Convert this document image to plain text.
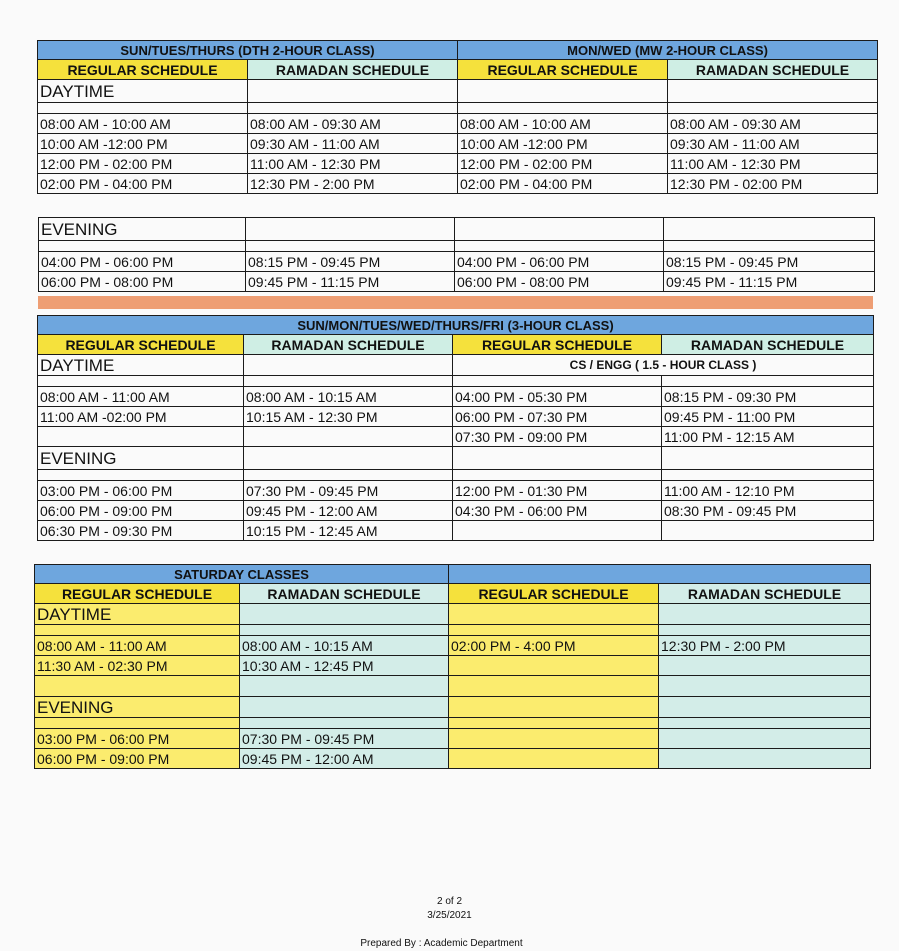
SUN/TUES/THURS (DTH 2-HOUR CLASS)		MON/WED (MW 2-HOUR CLASS)	
REGULAR SCHEDULE	RAMADAN SCHEDULE	REGULAR SCHEDULE	RAMADAN SCHEDULE
DAYTIME			

08:00 AM - 10:00 AM	08:00 AM - 09:30 AM	08:00 AM - 10:00 AM	08:00 AM - 09:30 AM
10:00 AM -12:00 PM	09:30 AM - 11:00 AM	10:00 AM -12:00 PM	09:30 AM - 11:00 AM
12:00 PM - 02:00 PM	11:00 AM - 12:30 PM	12:00 PM - 02:00 PM	11:00 AM - 12:30 PM
02:00 PM - 04:00 PM	12:30 PM - 2:00 PM	02:00 PM - 04:00 PM	12:30 PM - 02:00 PM
EVENING			

04:00 PM - 06:00 PM	08:15 PM - 09:45 PM	04:00 PM - 06:00 PM	08:15 PM - 09:45 PM
06:00 PM - 08:00 PM	09:45 PM - 11:15 PM	06:00 PM - 08:00 PM	09:45 PM - 11:15 PM
SUN/MON/TUES/WED/THURS/FRI (3-HOUR CLASS)			
REGULAR SCHEDULE	RAMADAN SCHEDULE	REGULAR SCHEDULE	RAMADAN SCHEDULE
DAYTIME		CS / ENGG ( 1.5 - HOUR CLASS )	

08:00 AM - 11:00 AM	08:00 AM - 10:15 AM	04:00 PM - 05:30 PM	08:15 PM - 09:30 PM
11:00 AM -02:00 PM	10:15 AM - 12:30 PM	06:00 PM - 07:30 PM	09:45 PM - 11:00 PM
		07:30 PM - 09:00 PM	11:00 PM - 12:15 AM
EVENING			

03:00 PM - 06:00 PM	07:30 PM - 09:45 PM	12:00 PM - 01:30 PM	11:00 AM - 12:10 PM
06:00 PM - 09:00 PM	09:45 PM - 12:00 AM	04:30 PM - 06:00 PM	08:30 PM - 09:45 PM
06:30 PM - 09:30 PM	10:15 PM - 12:45 AM		
SATURDAY CLASSES			
REGULAR SCHEDULE	RAMADAN SCHEDULE	REGULAR SCHEDULE	RAMADAN SCHEDULE
DAYTIME			

08:00 AM - 11:00 AM	08:00 AM - 10:15 AM	02:00 PM - 4:00 PM	12:30 PM - 2:00 PM
11:30 AM - 02:30 PM	10:30 AM - 12:45 PM		

EVENING			

03:00 PM - 06:00 PM	07:30 PM - 09:45 PM		
06:00 PM - 09:00 PM	09:45 PM - 12:00 AM		
2 of 2
3/25/2021
Prepared By : Academic Department
